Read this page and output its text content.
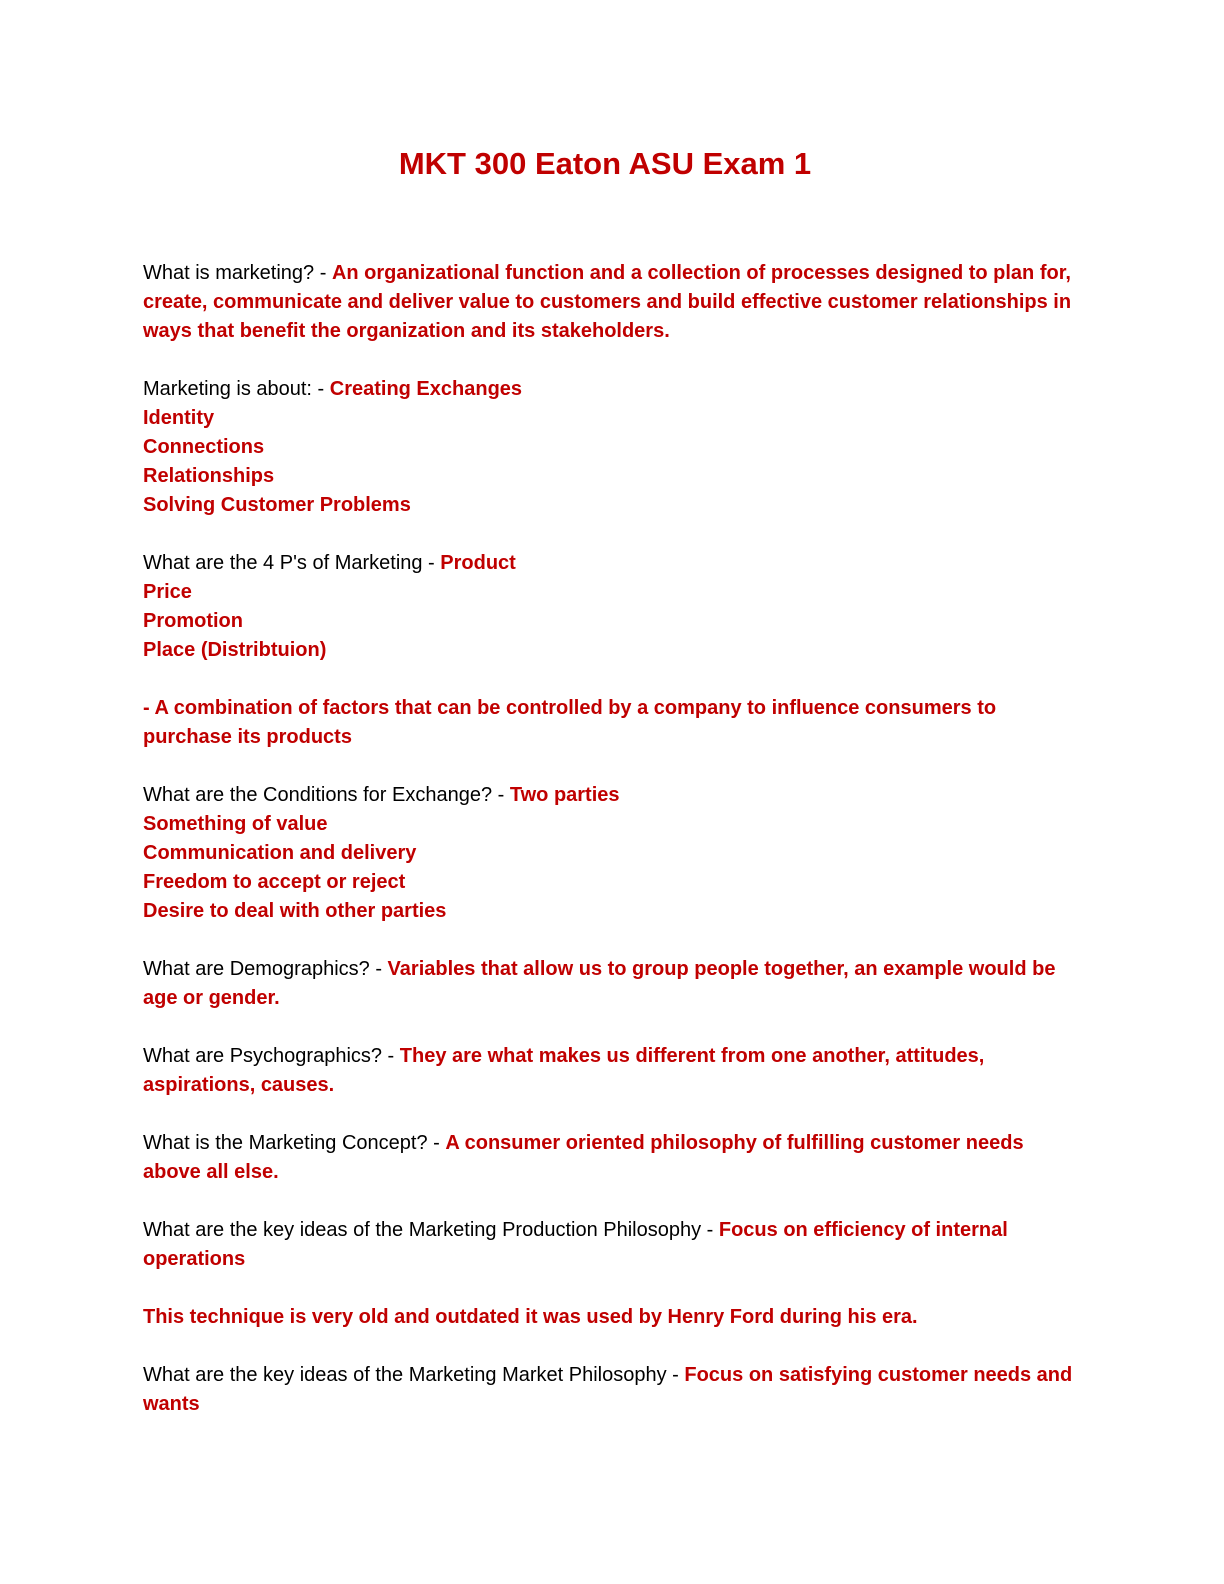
MKT 300 Eaton ASU Exam 1

What is marketing? - An organizational function and a collection of processes designed to plan for, create, communicate and deliver value to customers and build effective customer relationships in ways that benefit the organization and its stakeholders.

Marketing is about: - Creating Exchanges
Identity
Connections
Relationships
Solving Customer Problems

What are the 4 P's of Marketing - Product
Price
Promotion
Place (Distribtuion)

- A combination of factors that can be controlled by a company to influence consumers to purchase its products

What are the Conditions for Exchange? - Two parties
Something of value
Communication and delivery
Freedom to accept or reject
Desire to deal with other parties

What are Demographics? - Variables that allow us to group people together, an example would be age or gender.

What are Psychographics? - They are what makes us different from one another, attitudes, aspirations, causes.

What is the Marketing Concept? - A consumer oriented philosophy of fulfilling customer needs above all else.

What are the key ideas of the Marketing Production Philosophy - Focus on efficiency of internal operations

This technique is very old and outdated it was used by Henry Ford during his era.

What are the key ideas of the Marketing Market Philosophy - Focus on satisfying customer needs and wants
